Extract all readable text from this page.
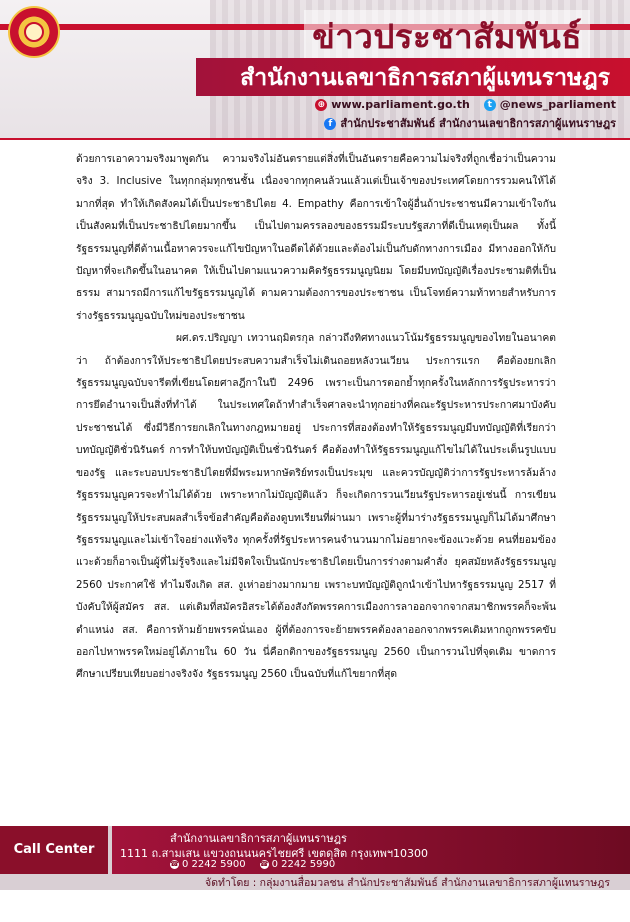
ข่าวประชาสัมพันธ์
สำนักงานเลขาธิการสภาผู้แทนราษฎร
⊕ www.parliament.go.th	t @news_parliament
f สำนักประชาสัมพันธ์ สำนักงานเลขาธิการสภาผู้แทนราษฎร

ด้วยการเอาความจริงมาพูดกัน ความจริงไม่อันตรายแต่สิ่งที่เป็นอันตรายคือความไม่จริงที่ถูกเชื่อว่าเป็นความจริง 3. Inclusive ในทุกกลุ่มทุกชนชั้น เนื่องจากทุกคนล้วนแล้วแต่เป็นเจ้าของประเทศโดยการรวมคนให้ได้มากที่สุด ทำให้เกิดสังคมได้เป็นประชาธิปไตย 4. Empathy คือการเข้าใจผู้อื่นถ้าประชาชนมีความเข้าใจกัน เป็นสังคมที่เป็นประชาธิปไตยมากขึ้น เป็นไปตามครรลองของธรรมมีระบบรัฐสภาที่ดีเป็นเหตุเป็นผล ทั้งนี้ รัฐธรรมนูญที่ดีต้านเนื้อหาควรจะแก้ไขปัญหาในอดีตได้ด้วยและต้องไม่เป็นกับดักทางการเมือง มีทางออกให้กับปัญหาที่จะเกิดขึ้นในอนาคต ให้เป็นไปตามแนวความคิดรัฐธรรมนูญนิยม โดยมีบทบัญญัติเรื่องประชามติที่เป็นธรรม สามารถมีการแก้ไขรัฐธรรมนูญได้ ตามความต้องการของประชาชน เป็นโจทย์ความท้าทายสำหรับการร่างรัฐธรรมนูญฉบับใหม่ของประชาชน

ผศ.ดร.ปริญญา เทวานฤมิตรกุล กล่าวถึงทิศทางแนวโน้มรัฐธรรมนูญของไทยในอนาคตว่า ถ้าต้องการให้ประชาธิปไตยประสบความสำเร็จไม่เดินถอยหลังวนเวียน ประการแรก คือต้องยกเลิกรัฐธรรมนูญฉบับจารีตที่เขียนโดยศาลฎีกาในปี 2496 เพราะเป็นการตอกย้ำทุกครั้งในหลักการรัฐประหารว่า การยึดอำนาจเป็นสิ่งที่ทำได้ ในประเทศใดถ้าทำสำเร็จศาลจะนำทุกอย่างที่คณะรัฐประหารประกาศมาบังคับประชาชนได้ ซึ่งมีวิธีการยกเลิกในทางกฎหมายอยู่ ประการที่สองต้องทำให้รัฐธรรมนูญมีบทบัญญัติที่เรียกว่าบทบัญญัติชั่วนิรันดร์ การทำให้บทบัญญัติเป็นชั่วนิรันดร์ คือต้องทำให้รัฐธรรมนูญแก้ไขไม่ได้ในประเด็นรูปแบบของรัฐ และระบอบประชาธิปไตยที่มีพระมหากษัตริย์ทรงเป็นประมุข และควรบัญญัติว่าการรัฐประหารล้มล้างรัฐธรรมนูญควรจะทำไม่ได้ด้วย เพราะหากไม่บัญญัติแล้ว ก็จะเกิดการวนเวียนรัฐประหารอยู่เช่นนี้ การเขียนรัฐธรรมนูญให้ประสบผลสำเร็จข้อสำคัญคือต้องดูบทเรียนที่ผ่านมา เพราะผู้ที่มาร่างรัฐธรรมนูญก็ไม่ได้มาศึกษารัฐธรรมนูญและไม่เข้าใจอย่างแท้จริง ทุกครั้งที่รัฐประหารคนจำนวนมากไม่อยากจะข้องแวะด้วย คนที่ยอมข้องแวะด้วยก็อาจเป็นผู้ที่ไม่รู้จริงและไม่มีจิตใจเป็นนักประชาธิปไตยเป็นการร่างตามคำสั่ง ยุคสมัยหลังรัฐธรรมนูญ 2560 ประกาศใช้ ทำไมจึงเกิด สส. งูเห่าอย่างมากมาย เพราะบทบัญญัติถูกนำเข้าไปหารัฐธรรมนูญ 2517 ที่บังคับให้ผู้สมัคร สส. แต่เดิมที่สมัครอิสระได้ต้องสังกัดพรรคการเมืองการลาออกจากจากสมาชิกพรรคก็จะพ้นตำแหน่ง สส. คือการห้ามย้ายพรรคนั่นเอง ผู้ที่ต้องการจะย้ายพรรคต้องลาออกจากพรรคเดิมหากถูกพรรคขับออกไปหาพรรคใหม่อยู่ได้ภายใน 60 วัน นี่คือกติกาของรัฐธรรมนูญ 2560 เป็นการวนไปที่จุดเดิม ขาดการศึกษาเปรียบเทียบอย่างจริงจัง รัฐธรรมนูญ 2560 เป็นฉบับที่แก้ไขยากที่สุด

Call Center 1743
สำนักงานเลขาธิการสภาผู้แทนราษฎร
1111 ถ.สามเสน แขวงถนนนครไชยศรี เขตดุสิต กรุงเทพฯ10300
☎ 0 2242 5900 ☎ 0 2242 5990
จัดทำโดย : กลุ่มงานสื่อมวลชน สำนักประชาสัมพันธ์ สำนักงานเลขาธิการสภาผู้แทนราษฎร
